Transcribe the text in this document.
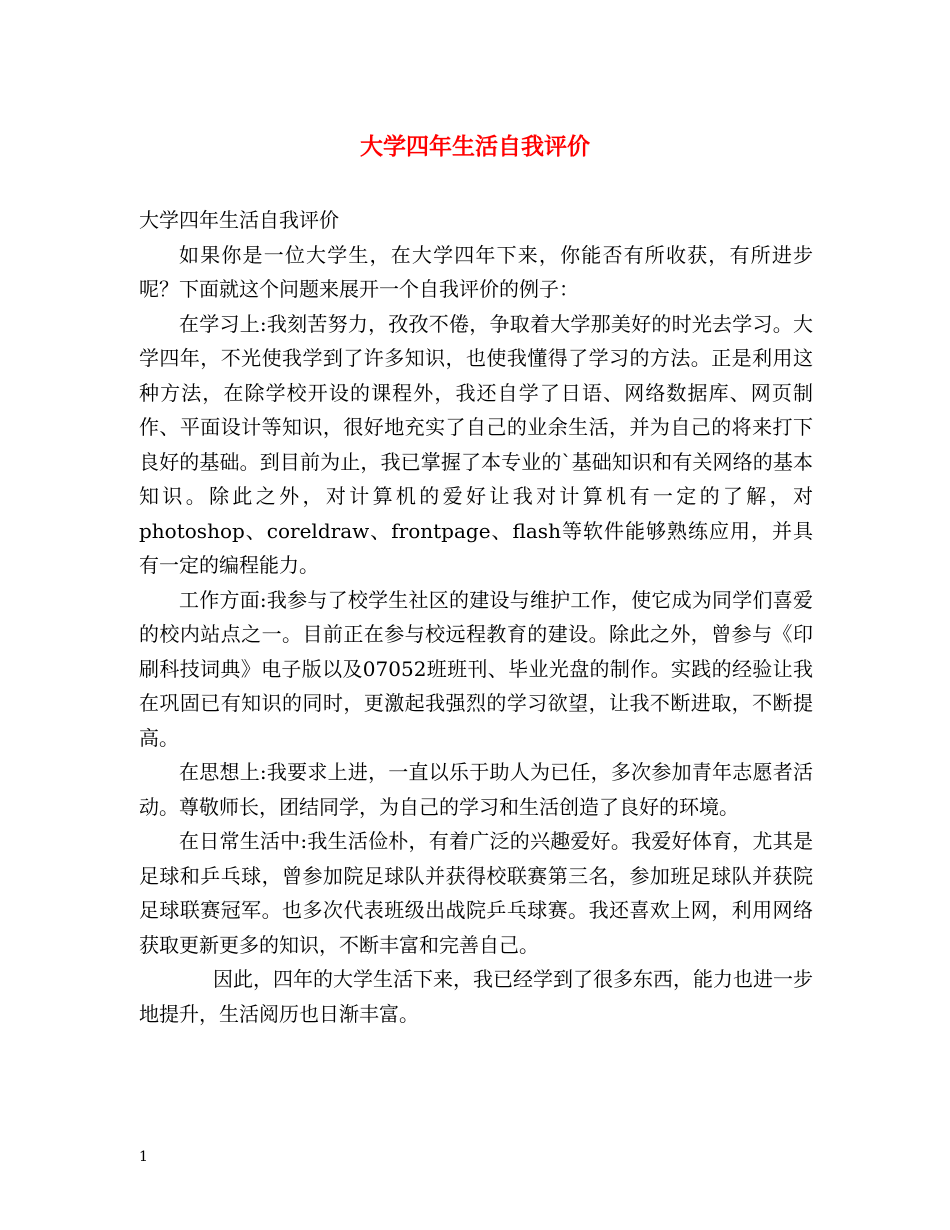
大学四年生活自我评价

大学四年生活自我评价

如果你是一位大学生，在大学四年下来，你能否有所收获，有所进步呢？下面就这个问题来展开一个自我评价的例子：

在学习上:我刻苦努力，孜孜不倦，争取着大学那美好的时光去学习。大学四年，不光使我学到了许多知识，也使我懂得了学习的方法。正是利用这种方法，在除学校开设的课程外，我还自学了日语、网络数据库、网页制作、平面设计等知识，很好地充实了自己的业余生活，并为自己的将来打下良好的基础。到目前为止，我已掌握了本专业的`基础知识和有关网络的基本知识。除此之外，对计算机的爱好让我对计算机有一定的了解，对photoshop、coreldraw、frontpage、flash等软件能够熟练应用，并具有一定的编程能力。

工作方面:我参与了校学生社区的建设与维护工作，使它成为同学们喜爱的校内站点之一。目前正在参与校远程教育的建设。除此之外，曾参与《印刷科技词典》电子版以及07052班班刊、毕业光盘的制作。实践的经验让我在巩固已有知识的同时，更激起我强烈的学习欲望，让我不断进取，不断提高。

在思想上:我要求上进，一直以乐于助人为已任，多次参加青年志愿者活动。尊敬师长，团结同学，为自己的学习和生活创造了良好的环境。

在日常生活中:我生活俭朴，有着广泛的兴趣爱好。我爱好体育，尤其是足球和乒乓球，曾参加院足球队并获得校联赛第三名，参加班足球队并获院足球联赛冠军。也多次代表班级出战院乒乓球赛。我还喜欢上网，利用网络获取更新更多的知识，不断丰富和完善自己。

因此，四年的大学生活下来，我已经学到了很多东西，能力也进一步地提升，生活阅历也日渐丰富。

1
